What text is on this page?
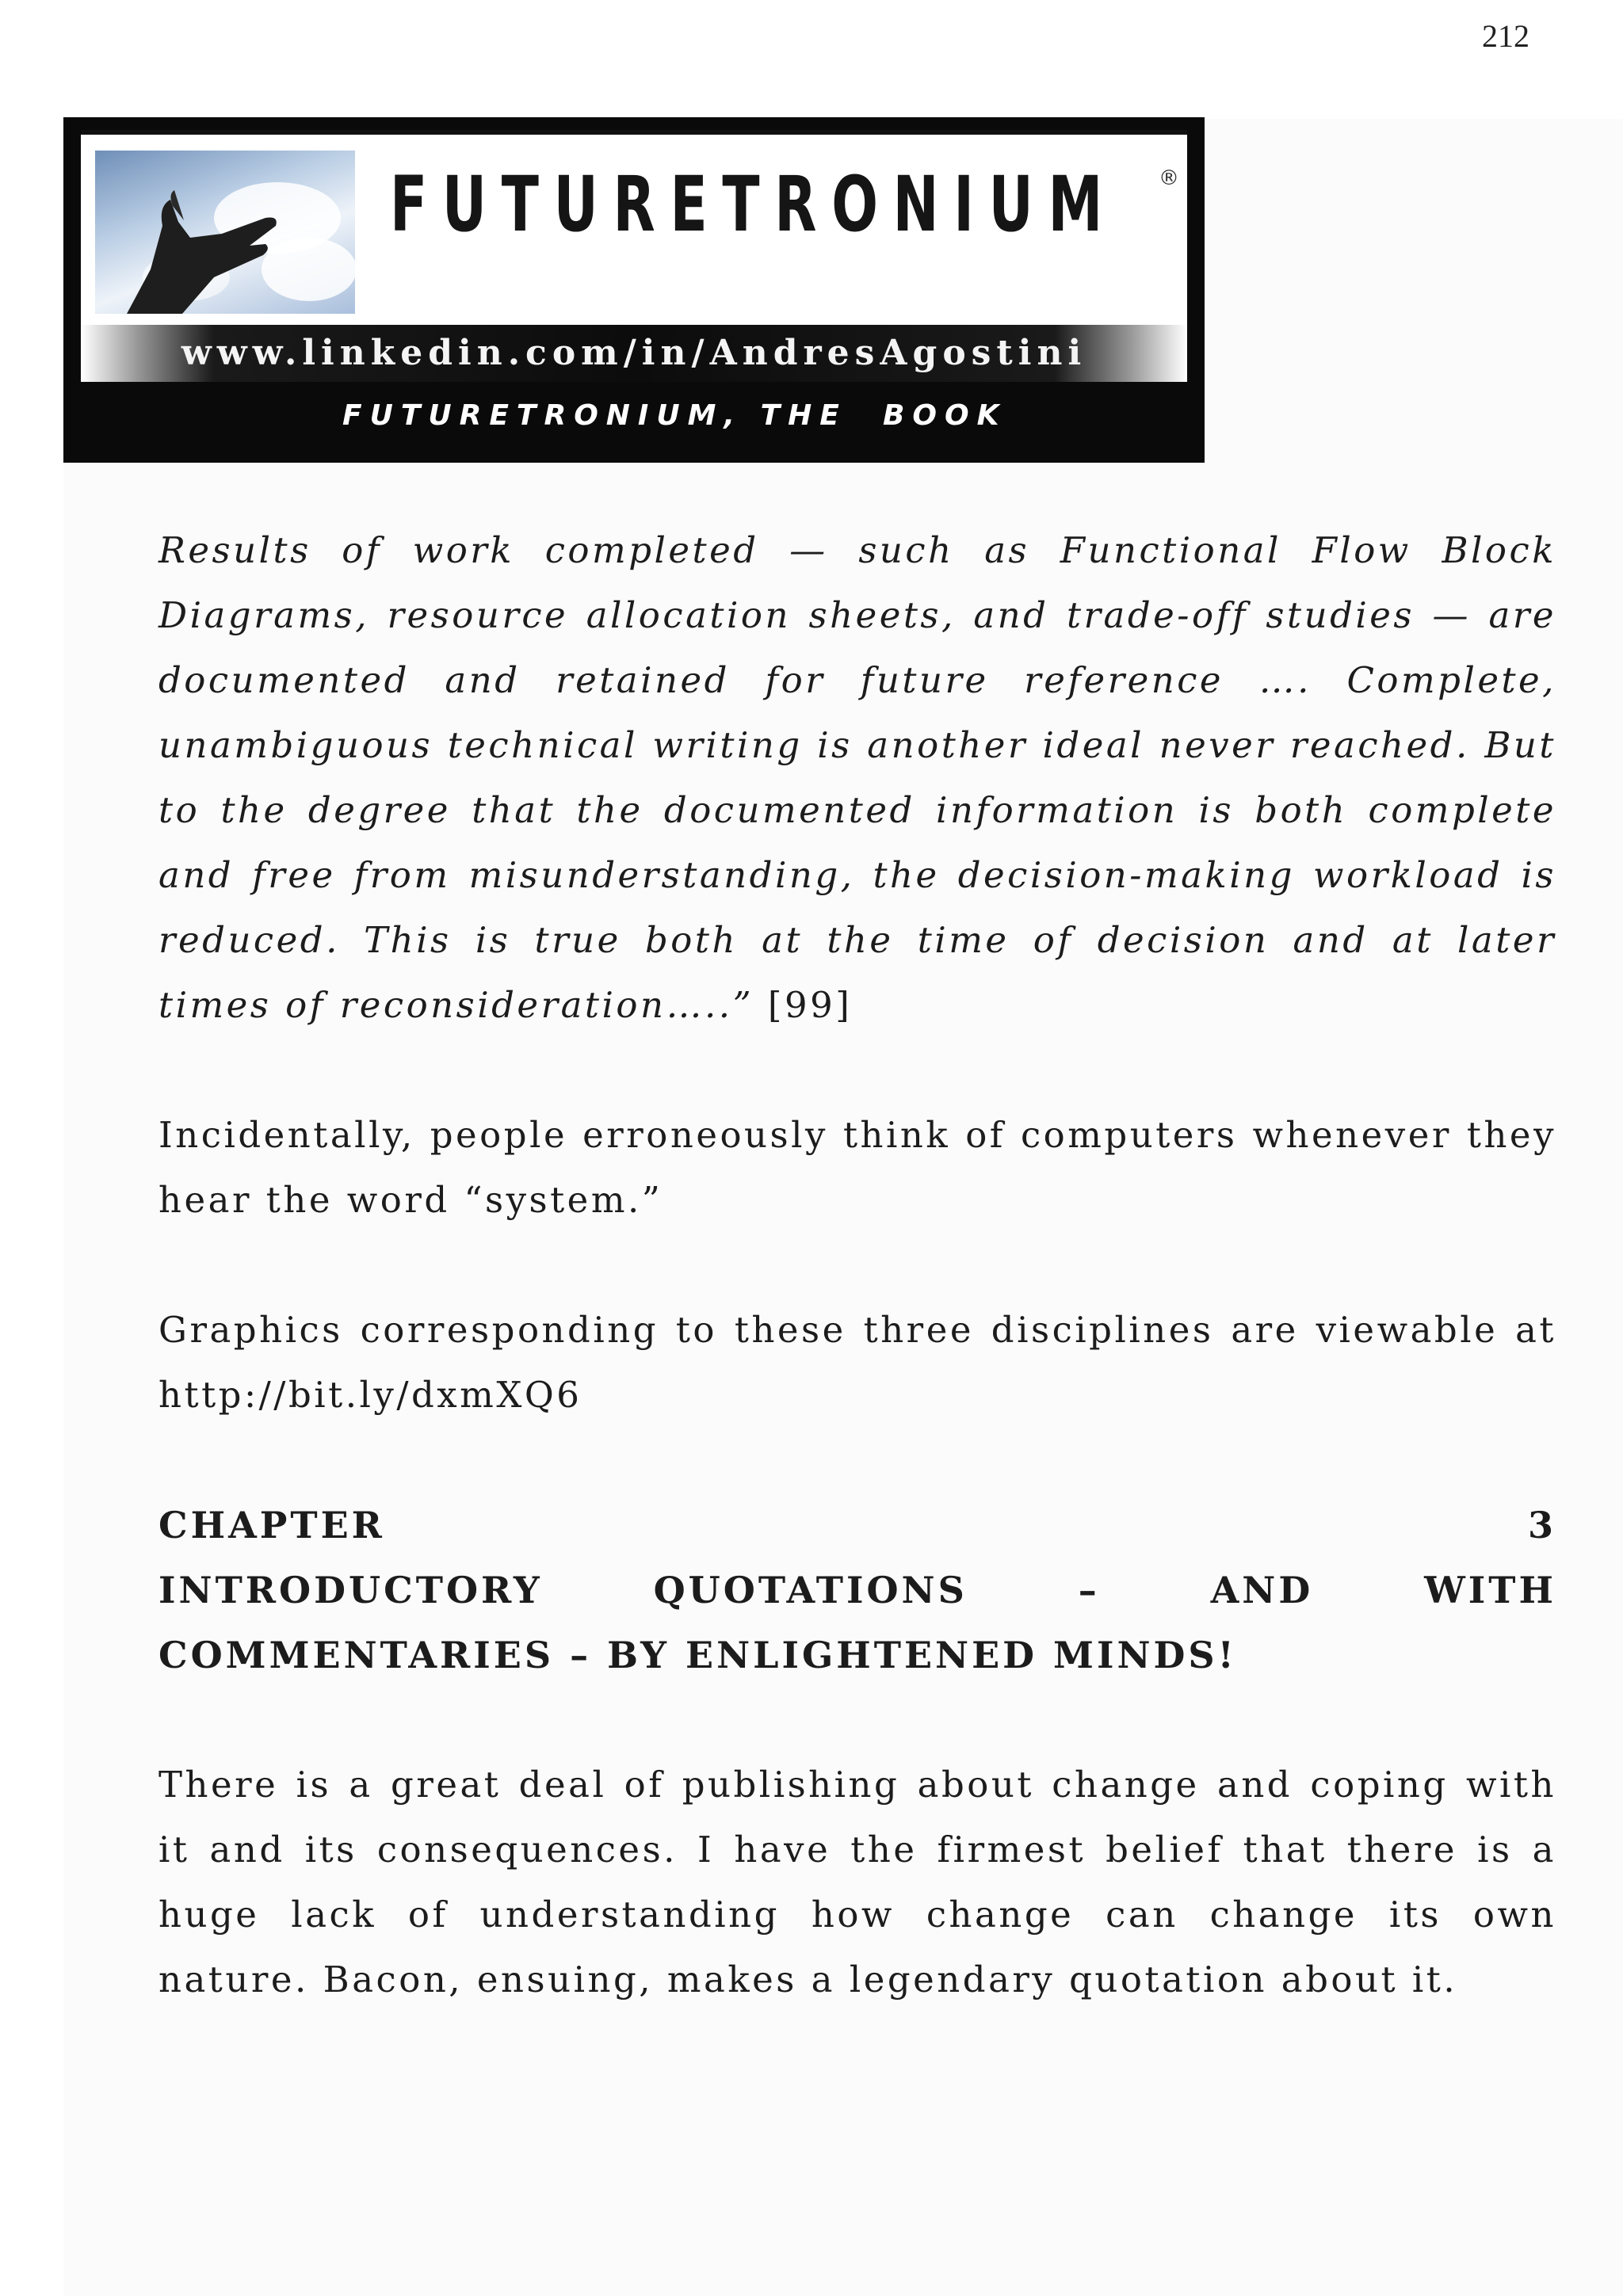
212
FUTURETRONIUM ®
www.linkedin.com/in/AndresAgostini
FUTURETRONIUM, THE  BOOK

Results of work completed — such as Functional Flow Block Diagrams, resource allocation sheets, and trade-off studies — are documented and retained for future reference …. Complete, unambiguous technical writing is another ideal never reached. But to the degree that the documented information is both complete and free from misunderstanding, the decision-making workload is reduced. This is true both at the time of decision and at later times of reconsideration…..” [99]

Incidentally, people erroneously think of computers whenever they hear the word “system.”

Graphics corresponding to these three disciplines are viewable at http://bit.ly/dxmXQ6

CHAPTER 3
INTRODUCTORY QUOTATIONS – AND WITH
COMMENTARIES – BY ENLIGHTENED MINDS!

There is a great deal of publishing about change and coping with it and its consequences. I have the firmest belief that there is a huge lack of understanding how change can change its own nature. Bacon, ensuing, makes a legendary quotation about it.
